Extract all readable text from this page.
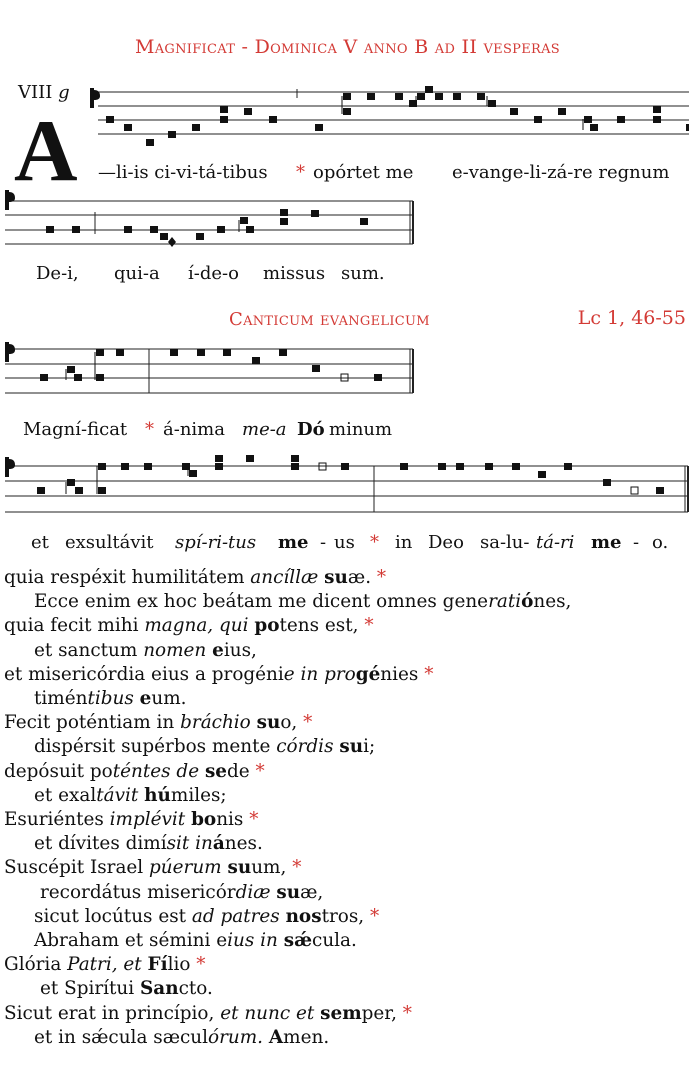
Magnificat - Dominica V anno B ad II vesperas
VIII g
A —li-is ci-vi-tá-tibus * opórtet me e-vange-li-zá-re regnum
De-i, qui-a í-de-o missus sum.
Canticum evangelicum	Lc 1, 46-55
Magní-ficat * á-nima me-a Dó minum
et exsultávit spí-ri-tus me - us * in Deo sa-lu- tá-ri me - o.
quia respéxit humilitátem ancíllæ suæ. *
Ecce enim ex hoc beátam me dicent omnes generatiónes,
quia fecit mihi magna, qui potens est, *
et sanctum nomen eius,
et misericórdia eius a progénie in progénies *
timéntibus eum.
Fecit poténtiam in bráchio suo, *
dispérsit supérbos mente córdis sui;
depósuit poténtes de sede *
et exaltávit húmiles;
Esuriéntes implévit bonis *
et dívites dimísit inánes.
Suscépit Israel púerum suum, *
recordátus misericórdiæ suæ,
sicut locútus est ad patres nostros, *
Abraham et sémini eius in sǽcula.
Glória Patri, et Fílio *
et Spirítui Sancto.
Sicut erat in princípio, et nunc et semper, *
et in sǽcula sæculórum. Amen.
